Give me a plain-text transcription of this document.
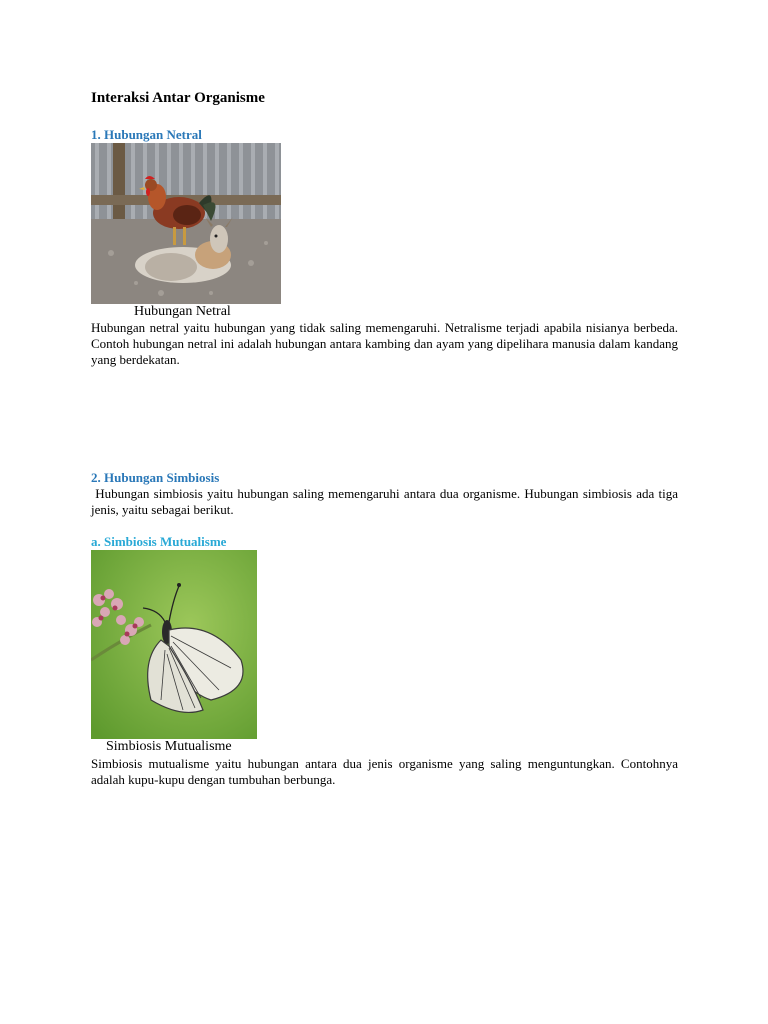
Interaksi Antar Organisme
1. Hubungan Netral

Hubungan Netral

Hubungan netral yaitu hubungan yang tidak saling memengaruhi. Netralisme terjadi apabila nisianya berbeda. Contoh hubungan netral ini adalah hubungan antara kambing dan ayam yang dipelihara manusia dalam kandang yang berdekatan.

2. Hubungan Simbiosis

Hubungan simbiosis yaitu hubungan saling memengaruhi antara dua organisme. Hubungan simbiosis ada tiga jenis, yaitu sebagai berikut.

a. Simbiosis Mutualisme

Simbiosis Mutualisme

Simbiosis mutualisme yaitu hubungan antara dua jenis organisme yang saling menguntungkan. Contohnya adalah kupu-kupu dengan tumbuhan berbunga.
